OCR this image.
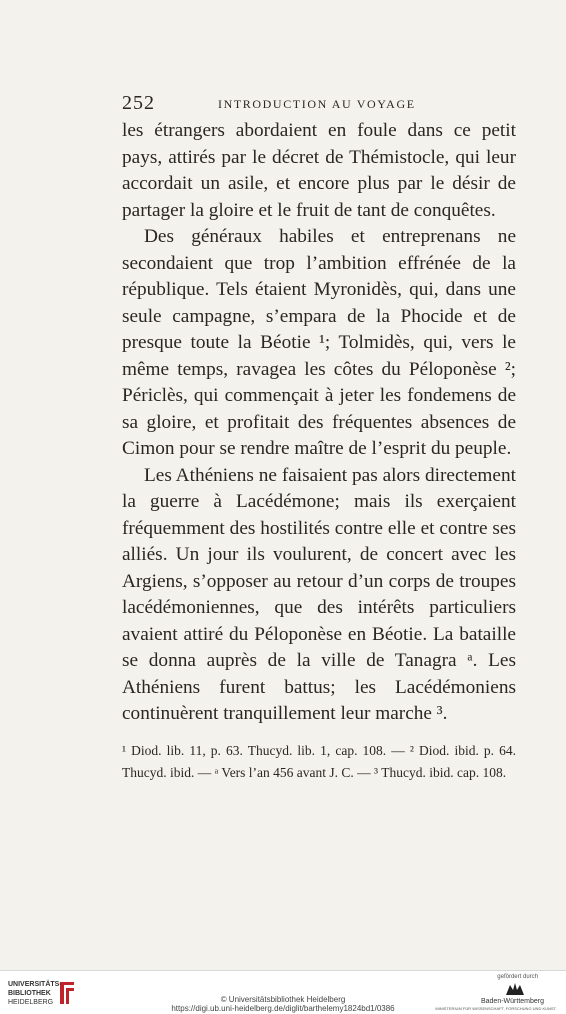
252	INTRODUCTION AU VOYAGE

les étrangers abordaient en foule dans ce petit pays, attirés par le décret de Thémistocle, qui leur accordait un asile, et encore plus par le désir de partager la gloire et le fruit de tant de conquêtes.

Des généraux habiles et entreprenans ne secondaient que trop l’ambition effrénée de la république. Tels étaient Myronidès, qui, dans une seule campagne, s’empara de la Phocide et de presque toute la Béotie ¹; Tolmidès, qui, vers le même temps, ravagea les côtes du Péloponèse ²; Périclès, qui commençait à jeter les fondemens de sa gloire, et profitait des fréquentes absences de Cimon pour se rendre maître de l’esprit du peuple.

Les Athéniens ne faisaient pas alors directement la guerre à Lacédémone; mais ils exerçaient fréquemment des hostilités contre elle et contre ses alliés. Un jour ils voulurent, de concert avec les Argiens, s’opposer au retour d’un corps de troupes lacédémoniennes, que des intérêts particuliers avaient attiré du Péloponèse en Béotie. La bataille se donna auprès de la ville de Tanagra ᵃ. Les Athéniens furent battus; les Lacédémoniens continuèrent tranquillement leur marche ³.

¹ Diod. lib. 11, p. 63. Thucyd. lib. 1, cap. 108. — ² Diod. ibid. p. 64. Thucyd. ibid. — ᵃ Vers l’an 456 avant J. C. — ³ Thucyd. ibid. cap. 108.
UNIVERSITÄTS-
BIBLIOTHEK
HEIDELBERG	© Universitätsbibliothek Heidelberg
https://digi.ub.uni-heidelberg.de/diglit/barthelemy1824bd1/0386
gefördert durch
Baden-Württemberg
MINISTERIUM FÜR WISSENSCHAFT, FORSCHUNG UND KUNST
